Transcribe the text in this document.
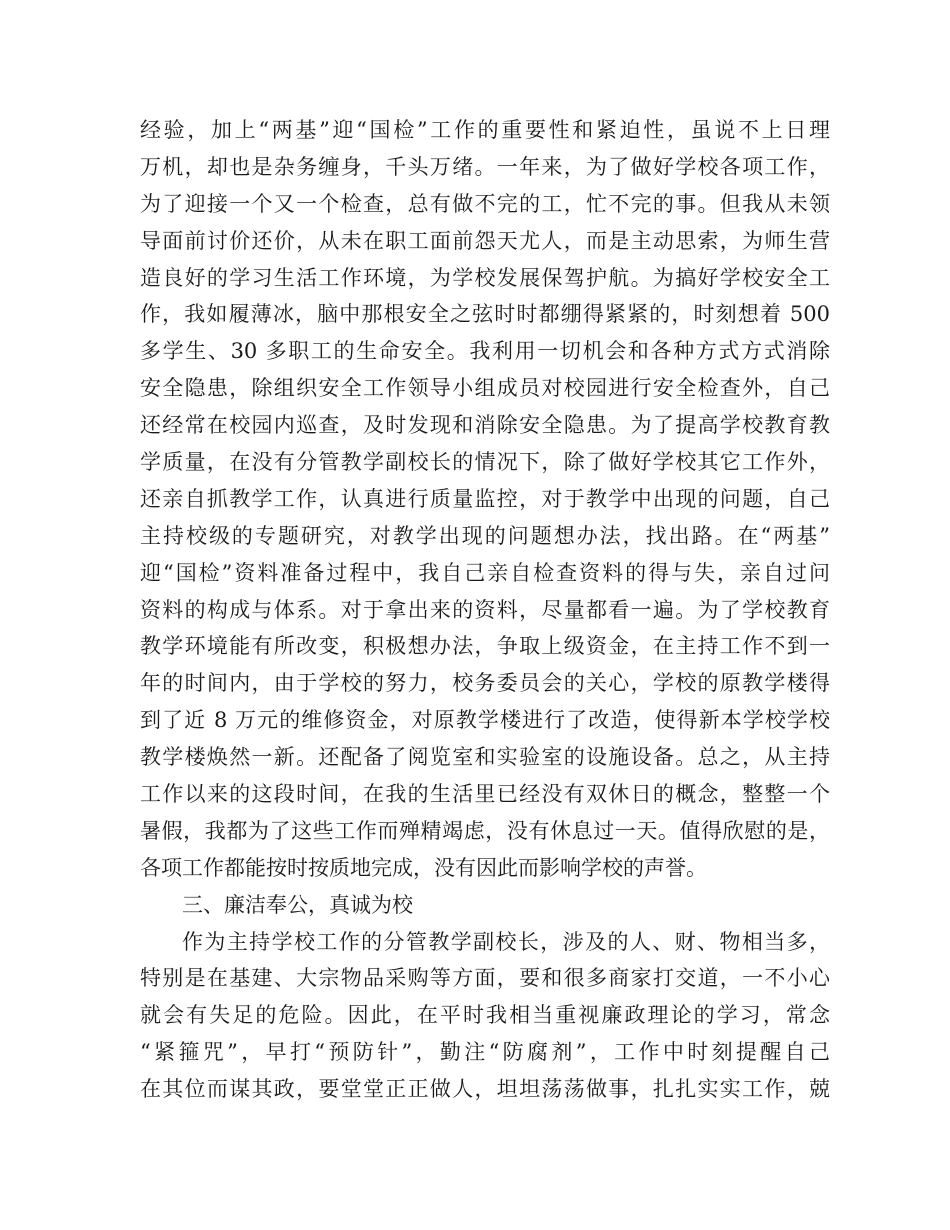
经验，加上“两基”迎“国检”工作的重要性和紧迫性，虽说不上日理
万机，却也是杂务缠身，千头万绪。一年来，为了做好学校各项工作，
为了迎接一个又一个检查，总有做不完的工，忙不完的事。但我从未领
导面前讨价还价，从未在职工面前怨天尤人，而是主动思索，为师生营
造良好的学习生活工作环境，为学校发展保驾护航。为搞好学校安全工
作，我如履薄冰，脑中那根安全之弦时时都绷得紧紧的，时刻想着 500
多学生、30 多职工的生命安全。我利用一切机会和各种方式方式消除
安全隐患，除组织安全工作领导小组成员对校园进行安全检查外，自己
还经常在校园内巡查，及时发现和消除安全隐患。为了提高学校教育教
学质量，在没有分管教学副校长的情况下，除了做好学校其它工作外，
还亲自抓教学工作，认真进行质量监控，对于教学中出现的问题，自己
主持校级的专题研究，对教学出现的问题想办法，找出路。在“两基”
迎“国检”资料准备过程中，我自己亲自检查资料的得与失，亲自过问
资料的构成与体系。对于拿出来的资料，尽量都看一遍。为了学校教育
教学环境能有所改变，积极想办法，争取上级资金，在主持工作不到一
年的时间内，由于学校的努力，校务委员会的关心，学校的原教学楼得
到了近 8 万元的维修资金，对原教学楼进行了改造，使得新本学校学校
教学楼焕然一新。还配备了阅览室和实验室的设施设备。总之，从主持
工作以来的这段时间，在我的生活里已经没有双休日的概念，整整一个
暑假，我都为了这些工作而殚精竭虑，没有休息过一天。值得欣慰的是，
各项工作都能按时按质地完成，没有因此而影响学校的声誉。
三、廉洁奉公，真诚为校
作为主持学校工作的分管教学副校长，涉及的人、财、物相当多，
特别是在基建、大宗物品采购等方面，要和很多商家打交道，一不小心
就会有失足的危险。因此，在平时我相当重视廉政理论的学习，常念
“紧箍咒”，早打“预防针”，勤注“防腐剂”，工作中时刻提醒自己
在其位而谋其政，要堂堂正正做人，坦坦荡荡做事，扎扎实实工作，兢
